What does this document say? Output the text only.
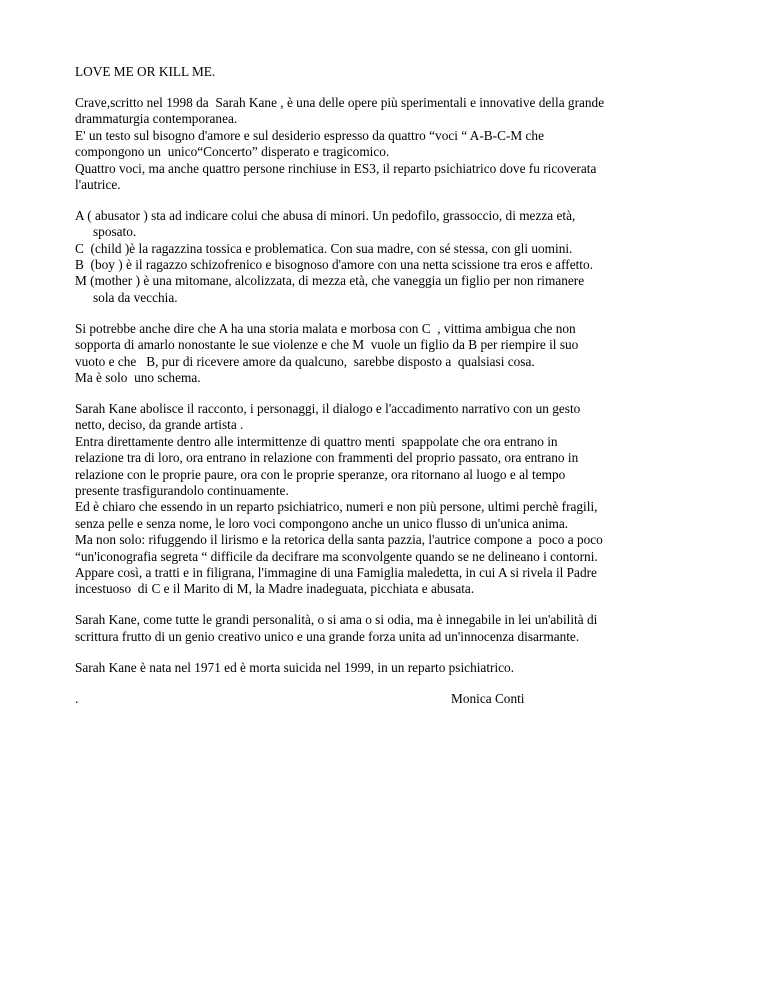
LOVE ME OR KILL ME.
Crave,scritto nel 1998 da  Sarah Kane , è una delle opere più sperimentali e innovative della grande
drammaturgia contemporanea.
E' un testo sul bisogno d'amore e sul desiderio espresso da quattro “voci “ A-B-C-M che
compongono un  unico“Concerto” disperato e tragicomico.
Quattro voci, ma anche quattro persone rinchiuse in ES3, il reparto psichiatrico dove fu ricoverata
l'autrice.
A ( abusator ) sta ad indicare colui che abusa di minori. Un pedofilo, grassoccio, di mezza età,
sposato.
C  (child )è la ragazzina tossica e problematica. Con sua madre, con sé stessa, con gli uomini.
B  (boy ) è il ragazzo schizofrenico e bisognoso d'amore con una netta scissione tra eros e affetto.
M (mother ) è una mitomane, alcolizzata, di mezza età, che vaneggia un figlio per non rimanere
sola da vecchia.
Si potrebbe anche dire che A ha una storia malata e morbosa con C  , vittima ambigua che non
sopporta di amarlo nonostante le sue violenze e che M  vuole un figlio da B per riempire il suo
vuoto e che   B, pur di ricevere amore da qualcuno,  sarebbe disposto a  qualsiasi cosa.
Ma è solo  uno schema.
Sarah Kane abolisce il racconto, i personaggi, il dialogo e l'accadimento narrativo con un gesto
netto, deciso, da grande artista .
Entra direttamente dentro alle intermittenze di quattro menti  spappolate che ora entrano in
relazione tra di loro, ora entrano in relazione con frammenti del proprio passato, ora entrano in
relazione con le proprie paure, ora con le proprie speranze, ora ritornano al luogo e al tempo
presente trasfigurandolo continuamente.
Ed è chiaro che essendo in un reparto psichiatrico, numeri e non più persone, ultimi perchè fragili,
senza pelle e senza nome, le loro voci compongono anche un unico flusso di un'unica anima.
Ma non solo: rifuggendo il lirismo e la retorica della santa pazzia, l'autrice compone a  poco a poco
“un'iconografia segreta “ difficile da decifrare ma sconvolgente quando se ne delineano i contorni.
Appare così, a tratti e in filigrana, l'immagine di una Famiglia maledetta, in cui A si rivela il Padre
incestuoso  di C e il Marito di M, la Madre inadeguata, picchiata e abusata.
Sarah Kane, come tutte le grandi personalità, o si ama o si odia, ma è innegabile in lei un'abilità di
scrittura frutto di un genio creativo unico e una grande forza unita ad un'innocenza disarmante.
Sarah Kane è nata nel 1971 ed è morta suicida nel 1999, in un reparto psichiatrico.
.	Monica Conti
